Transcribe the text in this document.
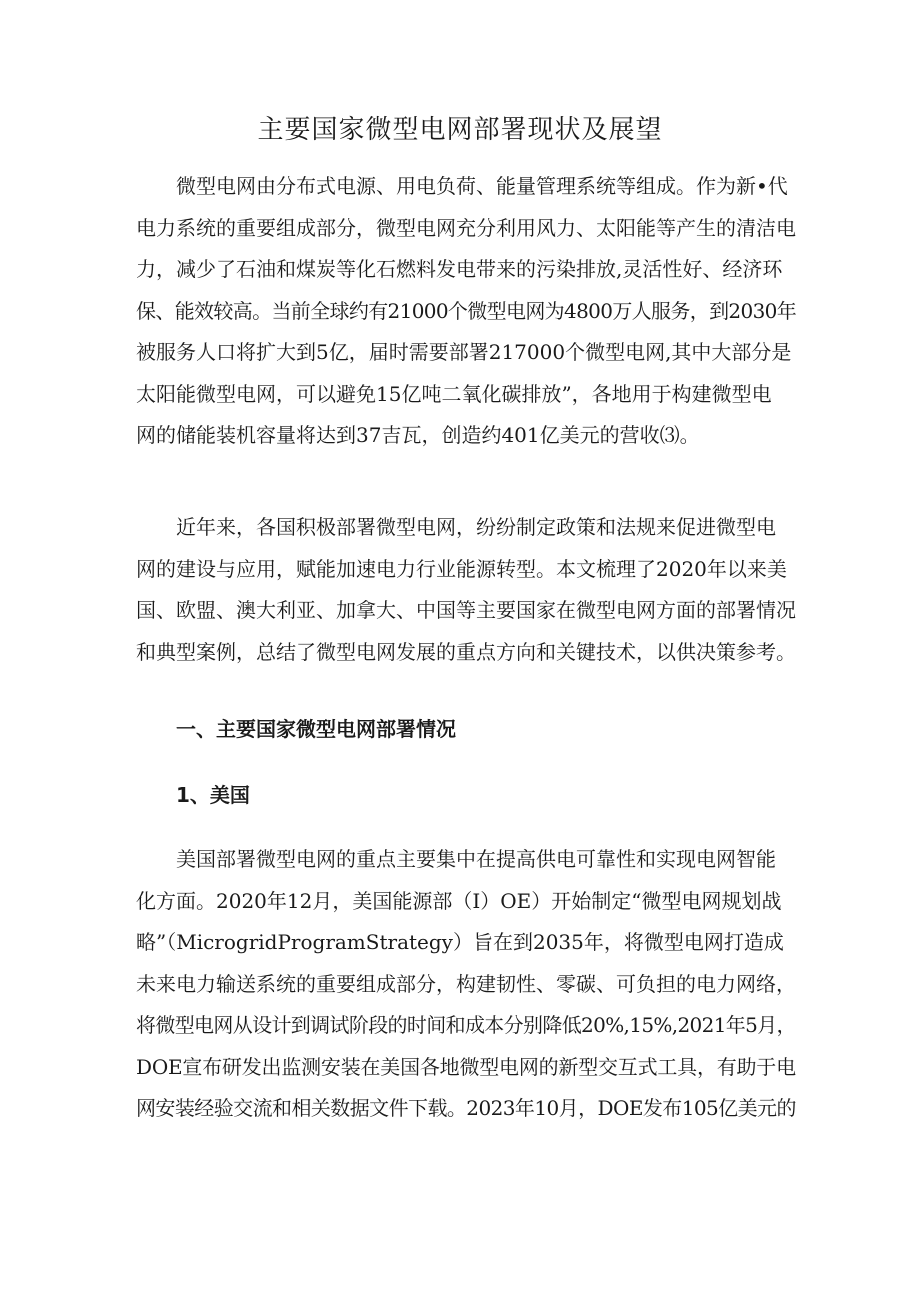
主要国家微型电网部署现状及展望
微型电网由分布式电源、用电负荷、能量管理系统等组成。作为新•代
电力系统的重要组成部分，微型电网充分利用风力、太阳能等产生的清洁电
力，减少了石油和煤炭等化石燃料发电带来的污染排放,灵活性好、经济环
保、能效较高。当前全球约有21000个微型电网为4800万人服务，到2030年
被服务人口将扩大到5亿，届时需要部署217000个微型电网,其中大部分是
太阳能微型电网，可以避免15亿吨二氧化碳排放”，各地用于构建微型电
网的储能装机容量将达到37吉瓦，创造约401亿美元的营收⑶。
近年来，各国积极部署微型电网，纷纷制定政策和法规来促进微型电
网的建设与应用，赋能加速电力行业能源转型。本文梳理了2020年以来美
国、欧盟、澳大利亚、加拿大、中国等主要国家在微型电网方面的部署情况
和典型案例，总结了微型电网发展的重点方向和关键技术，以供决策参考。
一、主要国家微型电网部署情况
1、美国
美国部署微型电网的重点主要集中在提高供电可靠性和实现电网智能
化方面。2020年12月，美国能源部（I）OE）开始制定“微型电网规划战
略”（MicrogridProgramStrategy）旨在到2035年，将微型电网打造成
未来电力输送系统的重要组成部分，构建韧性、零碳、可负担的电力网络，
将微型电网从设计到调试阶段的时间和成本分别降低20%,15%,2021年5月，
DOE宣布研发出监测安装在美国各地微型电网的新型交互式工具，有助于电
网安装经验交流和相关数据文件下载。2023年10月，DOE发布105亿美元的
